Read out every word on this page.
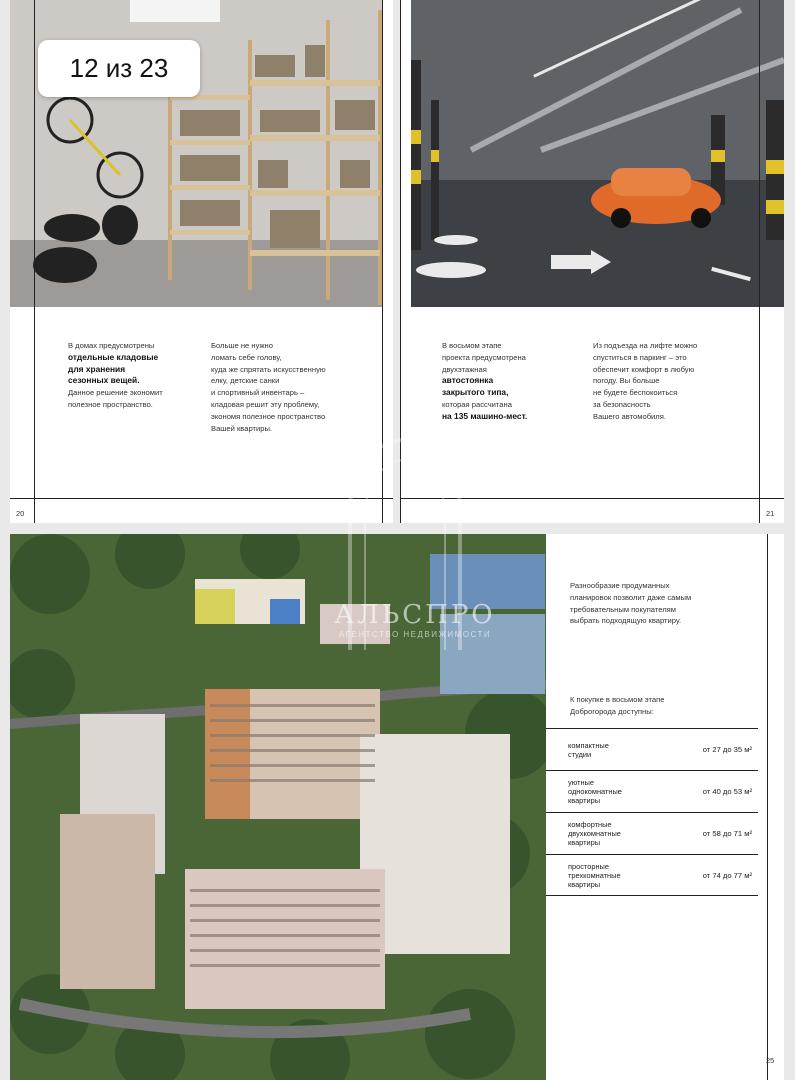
12 из 23
В домах предусмотрены
отдельные кладовые
для хранения
сезонных вещей.
Данное решение экономит
полезное пространство.
Больше не нужно
ломать себе голову,
куда же спрятать искусственную
елку, детские санки
и спортивный инвентарь –
кладовая решит эту проблему,
экономя полезное пространство
Вашей квартиры.
20
В восьмом этапе
проекта предусмотрена
двухэтажная
автостоянка
закрытого типа,
которая рассчитана
на 135 машино-мест.
Из подъезда на лифте можно
спуститься в паркинг – это
обеспечит комфорт в любую
погоду. Вы больше
не будете беспокоиться
за безопасность
Вашего автомобиля.
21
Разнообразие продуманных
планировок позволит даже самым
требовательным покупателям
выбрать подходящую квартиру.
К покупке в восьмом этапе
Доброгорода доступны:
25
компактные
студии	от 27 до 35 м²
уютные
однокомнатные
квартиры
от 40 до 53 м²
комфортные
двухкомнатные
квартиры
от 58 до 71 м²
просторные
трехкомнатные
квартиры
от 74 до 77 м²
АЛЬСПРО
АГЕНТСТВО НЕДВИЖИМОСТИ
